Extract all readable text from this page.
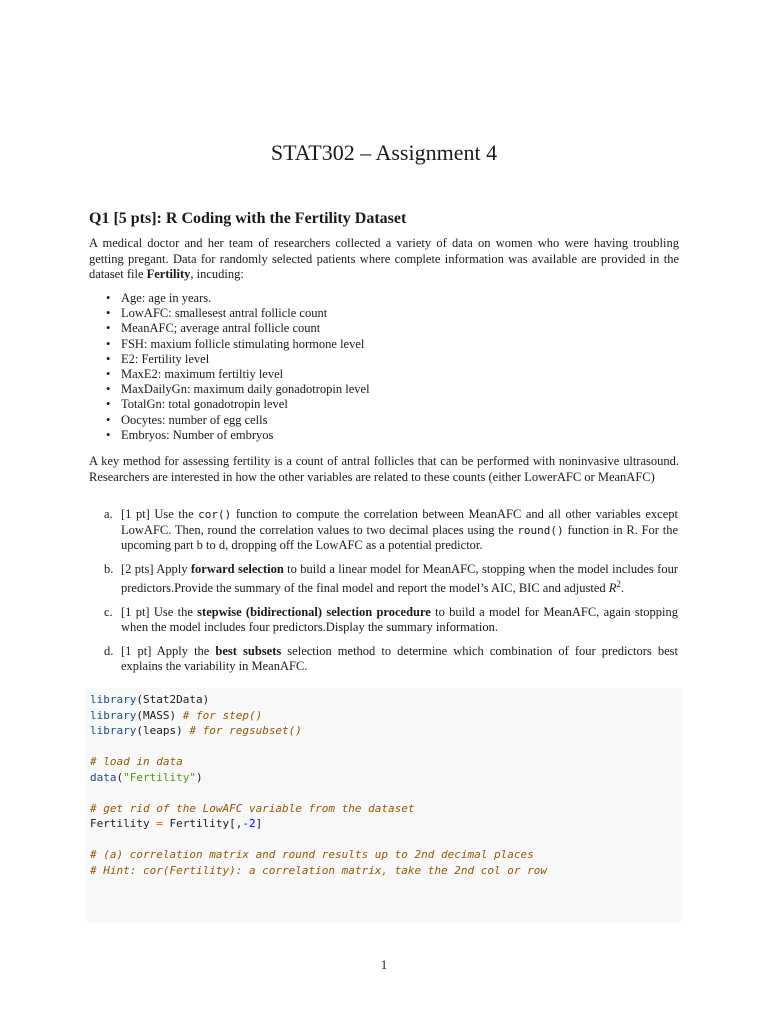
STAT302 – Assignment 4
Q1 [5 pts]: R Coding with the Fertility Dataset
A medical doctor and her team of researchers collected a variety of data on women who were having troubling getting pregant. Data for randomly selected patients where complete information was available are provided in the dataset file Fertility, incuding:
• Age: age in years.
• LowAFC: smallesest antral follicle count
• MeanAFC; average antral follicle count
• FSH: maxium follicle stimulating hormone level
• E2: Fertility level
• MaxE2: maximum fertiltiy level
• MaxDailyGn: maximum daily gonadotropin level
• TotalGn: total gonadotropin level
• Oocytes: number of egg cells
• Embryos: Number of embryos
A key method for assessing fertility is a count of antral follicles that can be performed with noninvasive ultrasound. Researchers are interested in how the other variables are related to these counts (either LowerAFC or MeanAFC)
a. [1 pt] Use the cor() function to compute the correlation between MeanAFC and all other variables except LowAFC. Then, round the correlation values to two decimal places using the round() function in R. For the upcoming part b to d, dropping off the LowAFC as a potential predictor.
b. [2 pts] Apply forward selection to build a linear model for MeanAFC, stopping when the model includes four predictors.Provide the summary of the final model and report the model’s AIC, BIC and adjusted $R^2$.
c. [1 pt] Use the stepwise (bidirectional) selection procedure to build a model for MeanAFC, again stopping when the model includes four predictors.Display the summary information.
d. [1 pt] Apply the best subsets selection method to determine which combination of four predictors best explains the variability in MeanAFC.
library(Stat2Data)
library(MASS) # for step()
library(leaps) # for regsubset()

# load in data
data("Fertility")

# get rid of the LowAFC variable from the dataset
Fertility = Fertility[,-2]

# (a) correlation matrix and round results up to 2nd decimal places
# Hint: cor(Fertility): a correlation matrix, take the 2nd col or row
1
